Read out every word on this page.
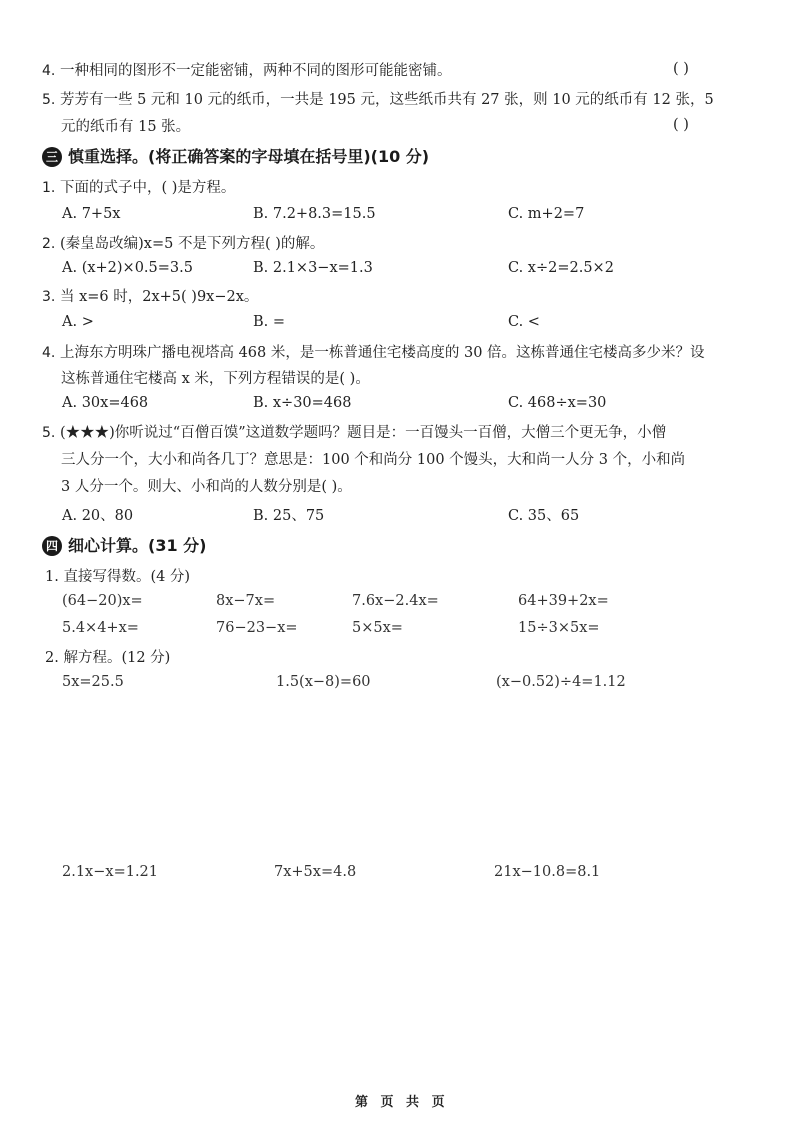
4. 一种相同的图形不一定能密铺，两种不同的图形可能能密铺。	( )
5. 芳芳有一些 5 元和 10 元的纸币，一共是 195 元，这些纸币共有 27 张，则 10 元的纸币有 12 张，5
元的纸币有 15 张。	( )
三 慎重选择。(将正确答案的字母填在括号里)(10 分)
1. 下面的式子中，( )是方程。
A. 7+5x	B. 7.2+8.3=15.5	C. m+2=7
2. (秦皇岛改编)x=5 不是下列方程( )的解。
A. (x+2)×0.5=3.5	B. 2.1×3−x=1.3	C. x÷2=2.5×2
3. 当 x=6 时，2x+5( )9x−2x。
A. >	B. =	C. <
4. 上海东方明珠广播电视塔高 468 米，是一栋普通住宅楼高度的 30 倍。这栋普通住宅楼高多少米？设
这栋普通住宅楼高 x 米，下列方程错误的是( )。
A. 30x=468	B. x÷30=468	C. 468÷x=30
5. (★★★)你听说过“百僧百馍”这道数学题吗？题目是：一百馒头一百僧，大僧三个更无争，小僧
三人分一个，大小和尚各几丁？意思是：100 个和尚分 100 个馒头，大和尚一人分 3 个，小和尚
3 人分一个。则大、小和尚的人数分别是( )。
A. 20、80	B. 25、75	C. 35、65
四 细心计算。(31 分)
1. 直接写得数。(4 分)
(64−20)x=	8x−7x=	7.6x−2.4x=	64+39+2x=
5.4×4+x=	76−23−x=	5×5x=	15÷3×5x=
2. 解方程。(12 分)
5x=25.5	1.5(x−8)=60	(x−0.52)÷4=1.12
2.1x−x=1.21	7x+5x=4.8	21x−10.8=8.1
第 页 共 页
